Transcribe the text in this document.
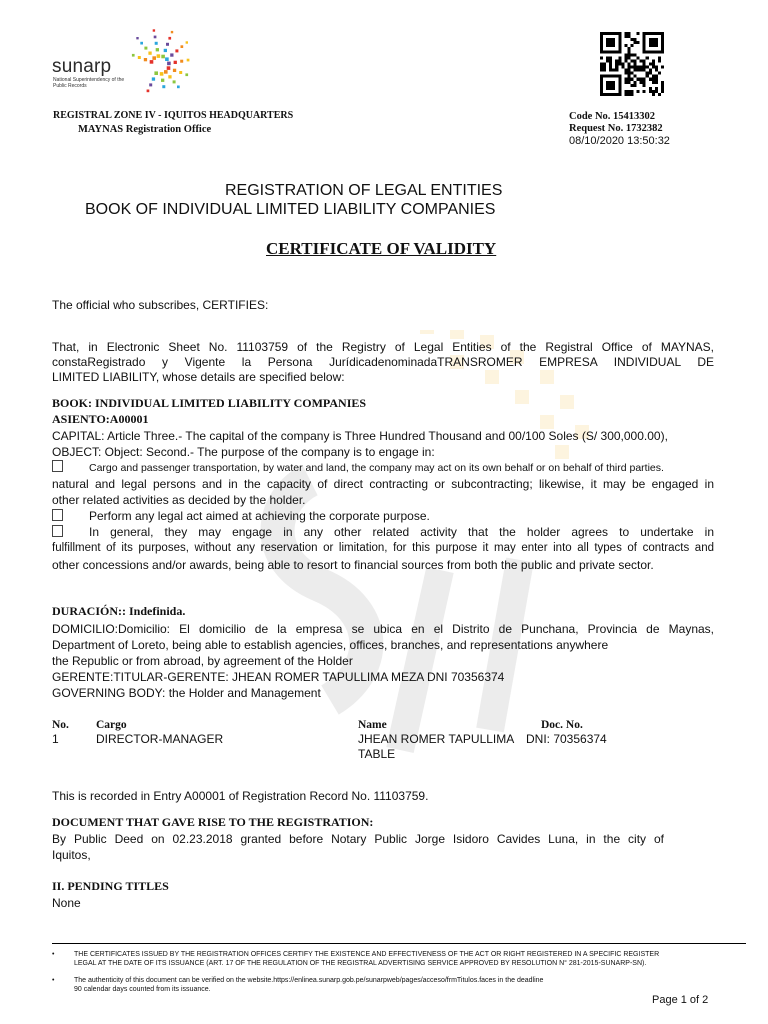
sunarp
National Superintendency of the Public Records
REGISTRAL ZONE IV - IQUITOS HEADQUARTERS
MAYNAS Registration Office
Code No. 15413302
Request No. 1732382
08/10/2020 13:50:32
REGISTRATION OF LEGAL ENTITIES
BOOK OF INDIVIDUAL LIMITED LIABILITY COMPANIES
CERTIFICATE OF VALIDITY
The official who subscribes, CERTIFIES:
That, in Electronic Sheet No. 11103759 of the Registry of Legal Entities of the Registral Office of MAYNAS,
constaRegistrado y Vigente la Persona JurídicadenominadaTRANSROMER EMPRESA INDIVIDUAL DE
LIMITED LIABILITY, whose details are specified below:
BOOK: INDIVIDUAL LIMITED LIABILITY COMPANIES
ASIENTO:A00001
CAPITAL: Article Three.- The capital of the company is Three Hundred Thousand and 00/100 Soles (S/ 300,000.00),
OBJECT: Object: Second.- The purpose of the company is to engage in:
Cargo and passenger transportation, by water and land, the company may act on its own behalf or on behalf of third parties.
natural and legal persons and in the capacity of direct contracting or subcontracting; likewise, it may be engaged in
other related activities as decided by the holder.
Perform any legal act aimed at achieving the corporate purpose.
In general, they may engage in any other related activity that the holder agrees to undertake in
fulfillment of its purposes, without any reservation or limitation, for this purpose it may enter into all types of contracts and
other concessions and/or awards, being able to resort to financial sources from both the public and private sector.
DURACIÓN:: Indefinida.
DOMICILIO:Domicilio: El domicilio de la empresa se ubica en el Distrito de Punchana, Provincia de Maynas,
Department of Loreto, being able to establish agencies, offices, branches, and representations anywhere
the Republic or from abroad, by agreement of the Holder
GERENTE:TITULAR-GERENTE: JHEAN ROMER TAPULLIMA MEZA DNI 70356374
GOVERNING BODY: the Holder and Management
No. Cargo	Name	Doc. No.
1	DIRECTOR-MANAGER	JHEAN ROMER TAPULLIMA DNI: 70356374
TABLE
This is recorded in Entry A00001 of Registration Record No. 11103759.
DOCUMENT THAT GAVE RISE TO THE REGISTRATION:
By Public Deed on 02.23.2018 granted before Notary Public Jorge Isidoro Cavides Luna, in the city of
Iquitos,
II. PENDING TITLES
None
•	THE CERTIFICATES ISSUED BY THE REGISTRATION OFFICES CERTIFY THE EXISTENCE AND EFFECTIVENESS OF THE ACT OR RIGHT REGISTERED IN A SPECIFIC REGISTER
LEGAL AT THE DATE OF ITS ISSUANCE (ART. 17 OF THE REGULATION OF THE REGISTRAL ADVERTISING SERVICE APPROVED BY RESOLUTION N° 281-2015-SUNARP-SN).
•	The authenticity of this document can be verified on the website.https://enlinea.sunarp.gob.pe/sunarpweb/pages/acceso/frmTitulos.faces in the deadline
90 calendar days counted from its issuance.
Page 1 of 2
